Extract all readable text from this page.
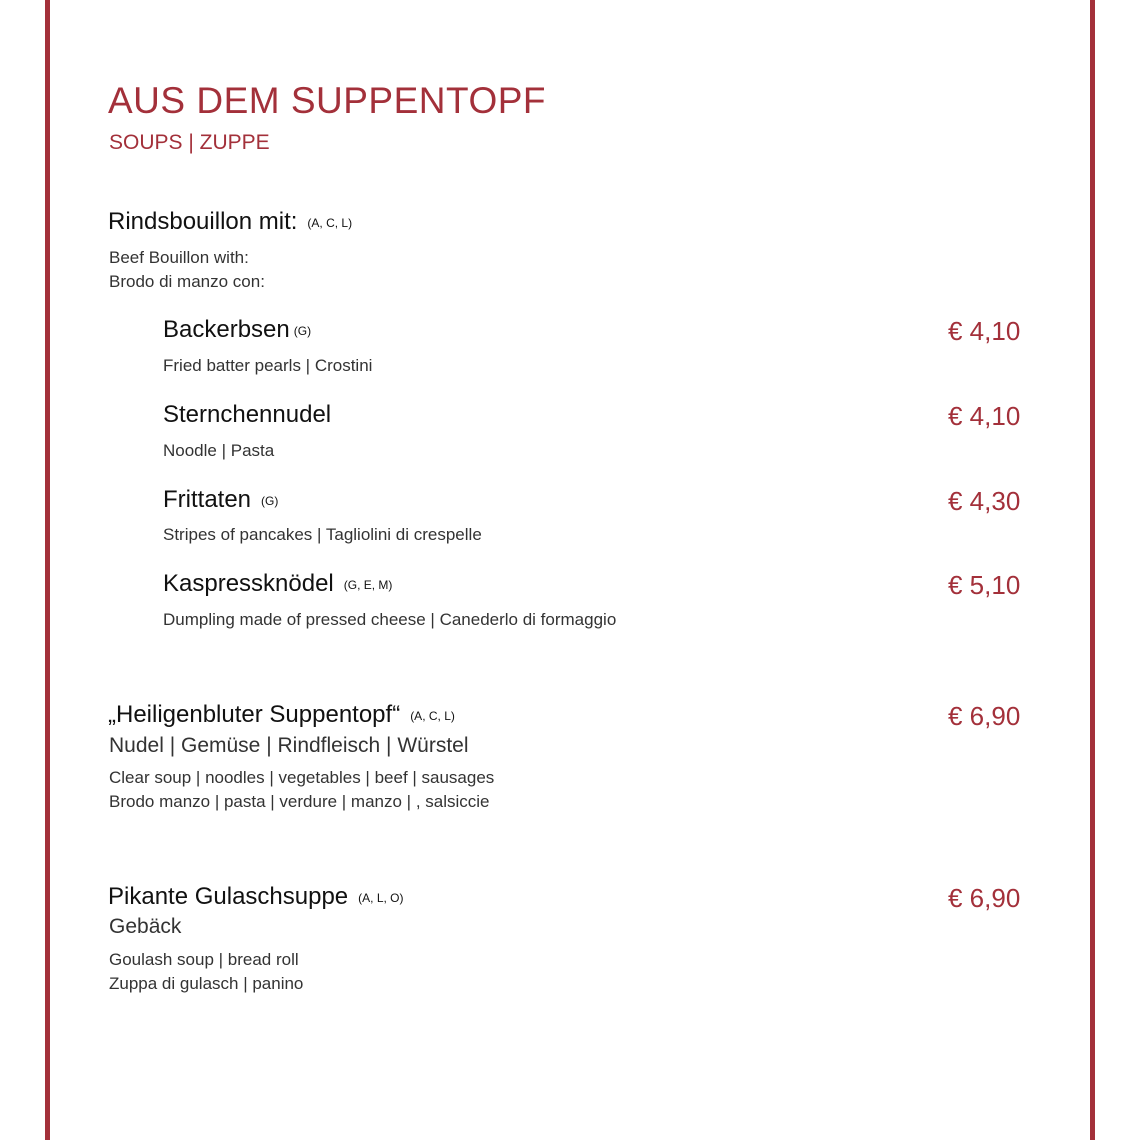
AUS DEM SUPPENTOPF
SOUPS | ZUPPE
Rindsbouillon mit: (A, C, L)
Beef Bouillon with:
Brodo di manzo con:
Backerbsen (G)
Fried batter pearls | Crostini
€ 4,10
Sternchennudel
Noodle | Pasta
€ 4,10
Frittaten (G)
Stripes of pancakes | Tagliolini di crespelle
€ 4,30
Kaspressknödel (G, E, M)
Dumpling made of pressed cheese | Canederlo di formaggio
€ 5,10
„Heiligenbluter Suppentopf“ (A, C, L)
Nudel | Gemüse | Rindfleisch | Würstel
Clear soup | noodles | vegetables | beef | sausages
Brodo manzo | pasta | verdure | manzo | , salsiccie
€ 6,90
Pikante Gulaschsuppe (A, L, O)
Gebäck
Goulash soup | bread roll
Zuppa di gulasch | panino
€ 6,90
